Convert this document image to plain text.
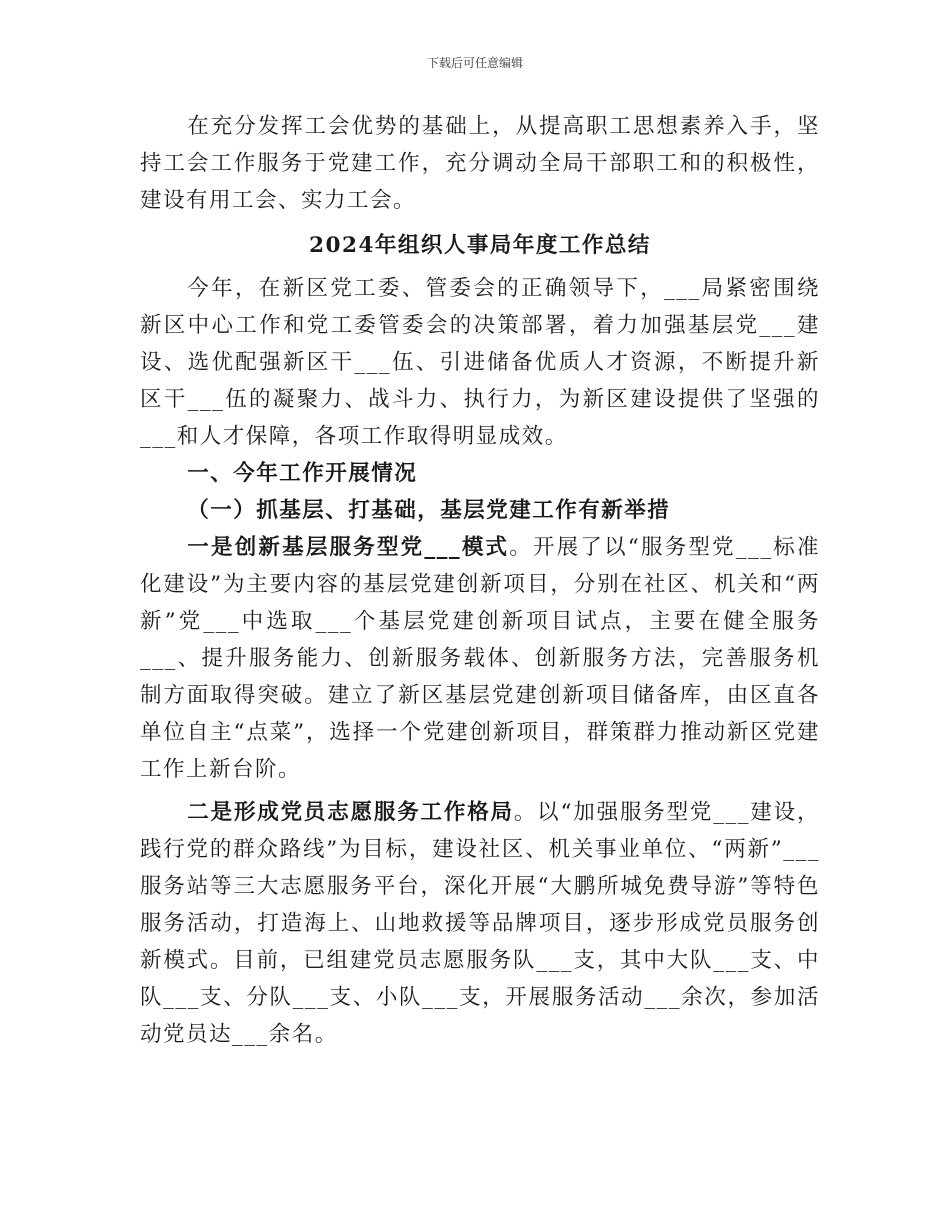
下载后可任意编辑

在充分发挥工会优势的基础上，从提高职工思想素养入手，坚持工会工作服务于党建工作，充分调动全局干部职工和的积极性，建设有用工会、实力工会。

2024年组织人事局年度工作总结

今年，在新区党工委、管委会的正确领导下，___局紧密围绕新区中心工作和党工委管委会的决策部署，着力加强基层党___建设、选优配强新区干___伍、引进储备优质人才资源，不断提升新区干___伍的凝聚力、战斗力、执行力，为新区建设提供了坚强的___和人才保障，各项工作取得明显成效。

一、今年工作开展情况

（一）抓基层、打基础，基层党建工作有新举措

一是创新基层服务型党___模式。开展了以“服务型党___标准化建设”为主要内容的基层党建创新项目，分别在社区、机关和“两新”党___中选取___个基层党建创新项目试点，主要在健全服务___、提升服务能力、创新服务载体、创新服务方法，完善服务机制方面取得突破。建立了新区基层党建创新项目储备库，由区直各单位自主“点菜”，选择一个党建创新项目，群策群力推动新区党建工作上新台阶。

二是形成党员志愿服务工作格局。以“加强服务型党___建设，践行党的群众路线”为目标，建设社区、机关事业单位、“两新”___服务站等三大志愿服务平台，深化开展“大鹏所城免费导游”等特色服务活动，打造海上、山地救援等品牌项目，逐步形成党员服务创新模式。目前，已组建党员志愿服务队___支，其中大队___支、中队___支、分队___支、小队___支，开展服务活动___余次，参加活动党员达___余名。
